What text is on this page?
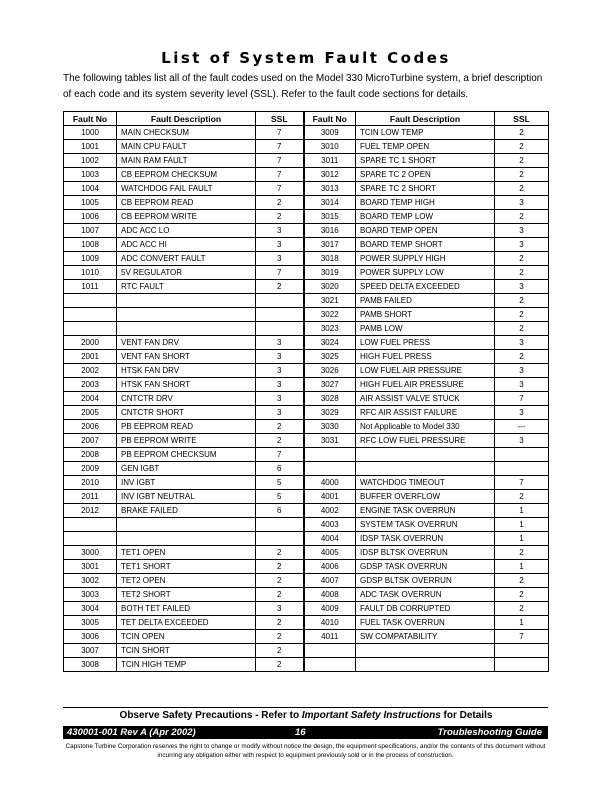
List of System Fault Codes

The following tables list all of the fault codes used on the Model 330 MicroTurbine system, a brief description of each code and its system severity level (SSL). Refer to the fault code sections for details.

Fault No	Fault Description	SSL	Fault No	Fault Description	SSL
1000	MAIN CHECKSUM	7	3009	TCIN LOW TEMP	2
1001	MAIN CPU FAULT	7	3010	FUEL TEMP OPEN	2
1002	MAIN RAM FAULT	7	3011	SPARE TC 1 SHORT	2
1003	CB EEPROM CHECKSUM	7	3012	SPARE TC 2 OPEN	2
1004	WATCHDOG FAIL FAULT	7	3013	SPARE TC 2 SHORT	2
1005	CB EEPROM READ	2	3014	BOARD TEMP HIGH	3
1006	CB EEPROM WRITE	2	3015	BOARD TEMP LOW	2
1007	ADC ACC LO	3	3016	BOARD TEMP OPEN	3
1008	ADC ACC HI	3	3017	BOARD TEMP SHORT	3
1009	ADC CONVERT FAULT	3	3018	POWER SUPPLY HIGH	2
1010	5V REGULATOR	7	3019	POWER SUPPLY LOW	2
1011	RTC FAULT	2	3020	SPEED DELTA EXCEEDED	3
			3021	PAMB FAILED	2
			3022	PAMB SHORT	2
			3023	PAMB LOW	2
2000	VENT FAN DRV	3	3024	LOW FUEL PRESS	3
2001	VENT FAN SHORT	3	3025	HIGH FUEL PRESS	2
2002	HTSK FAN DRV	3	3026	LOW FUEL AIR PRESSURE	3
2003	HTSK FAN SHORT	3	3027	HIGH FUEL AIR PRESSURE	3
2004	CNTCTR DRV	3	3028	AIR ASSIST VALVE STUCK	7
2005	CNTCTR SHORT	3	3029	RFC AIR ASSIST FAILURE	3
2006	PB EEPROM READ	2	3030	Not Applicable to Model 330	---
2007	PB EEPROM WRITE	2	3031	RFC LOW FUEL PRESSURE	3
2008	PB EEPROM CHECKSUM	7			
2009	GEN IGBT	6			
2010	INV IGBT	5	4000	WATCHDOG TIMEOUT	7
2011	INV IGBT NEUTRAL	5	4001	BUFFER OVERFLOW	2
2012	BRAKE FAILED	6	4002	ENGINE TASK OVERRUN	1
			4003	SYSTEM TASK OVERRUN	1
			4004	IDSP TASK OVERRUN	1
3000	TET1 OPEN	2	4005	IDSP BLTSK OVERRUN	2
3001	TET1 SHORT	2	4006	GDSP TASK OVERRUN	1
3002	TET2 OPEN	2	4007	GDSP BLTSK OVERRUN	2
3003	TET2 SHORT	2	4008	ADC TASK OVERRUN	2
3004	BOTH TET FAILED	3	4009	FAULT DB CORRUPTED	2
3005	TET DELTA EXCEEDED	2	4010	FUEL TASK OVERRUN	1
3006	TCIN OPEN	2	4011	SW COMPATABILITY	7
3007	TCIN SHORT	2			
3008	TCIN HIGH TEMP	2			

Observe Safety Precautions - Refer to Important Safety Instructions for Details

430001-001 Rev A (Apr 2002)	16	Troubleshooting Guide

Capstone Turbine Corporation reserves the right to change or modify without notice the design, the equipment specifications, and/or the contents of this document without incurring any obligation either with respect to equipment previously sold or in the process of construction.
